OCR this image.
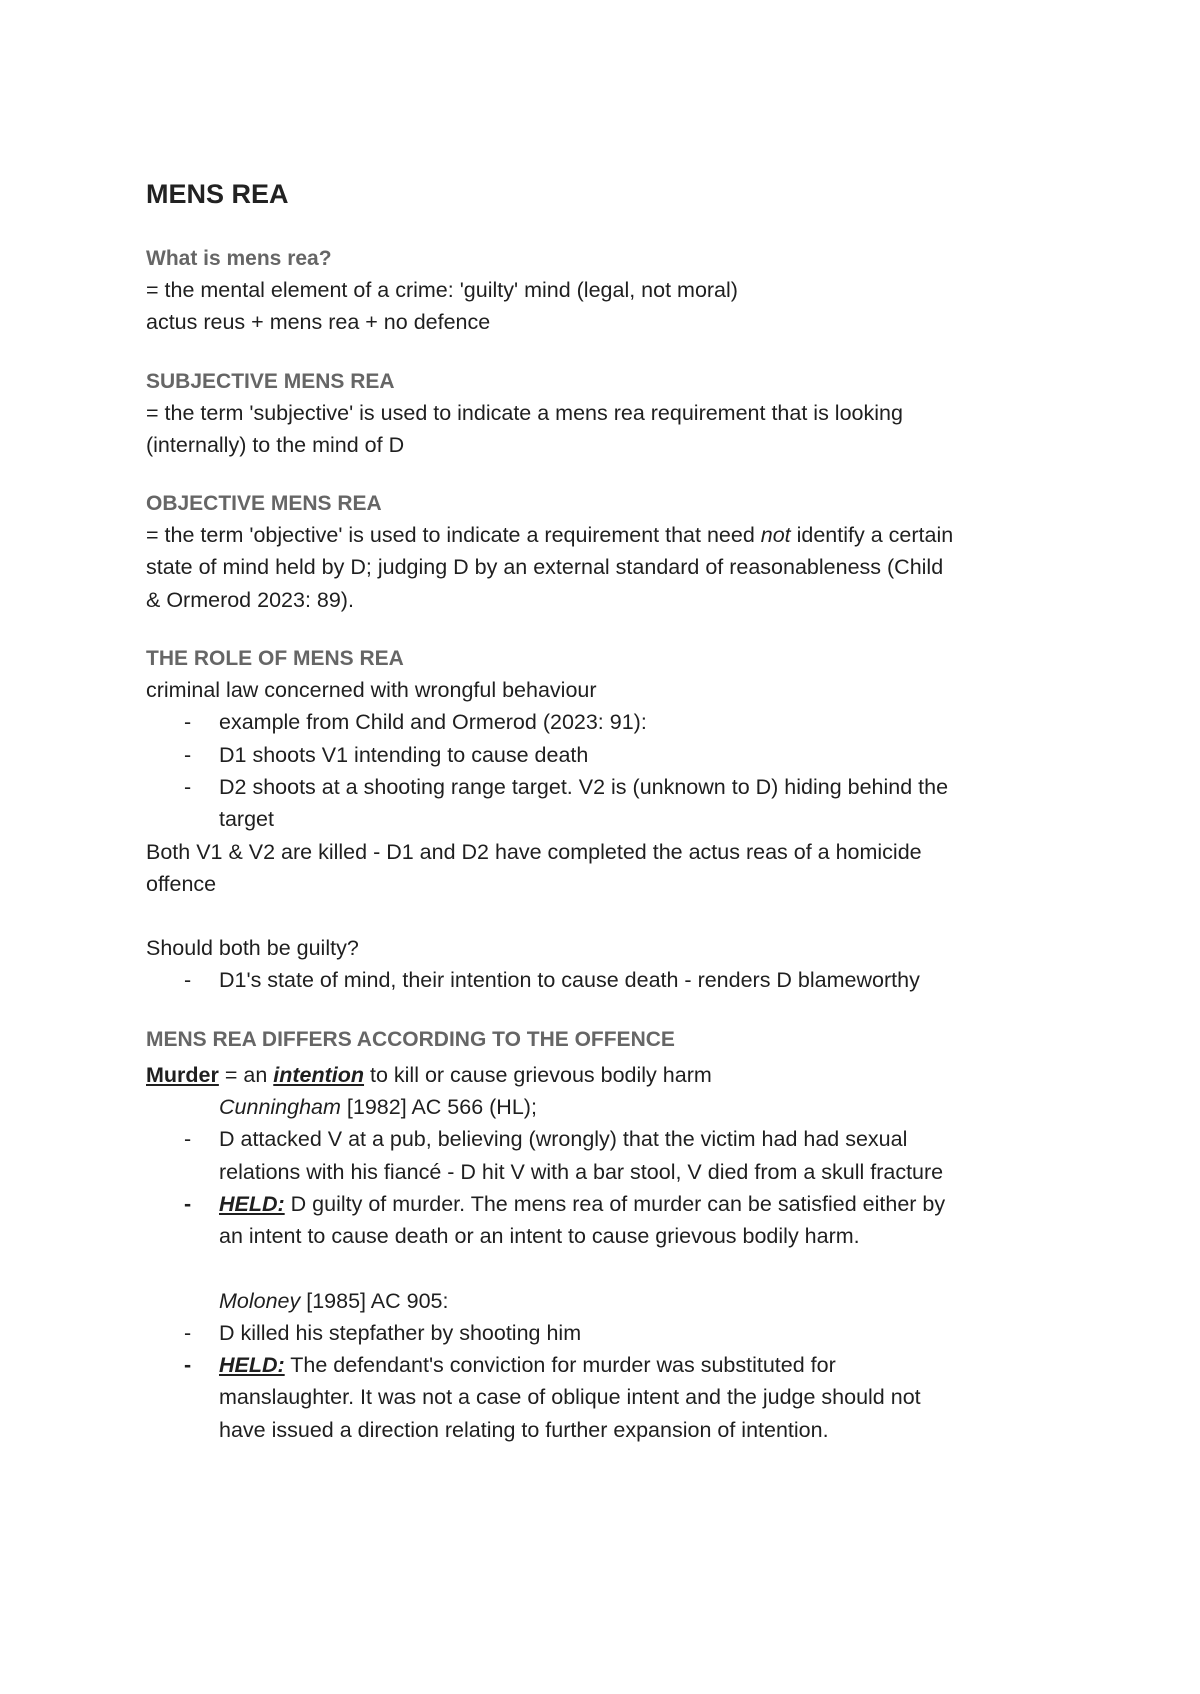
MENS REA
What is mens rea?
= the mental element of a crime: 'guilty' mind (legal, not moral)
actus reus + mens rea + no defence
SUBJECTIVE MENS REA
= the term 'subjective' is used to indicate a mens rea requirement that is looking
(internally) to the mind of D
OBJECTIVE MENS REA
= the term 'objective' is used to indicate a requirement that need not identify a certain
state of mind held by D; judging D by an external standard of reasonableness (Child
& Ormerod 2023: 89).
THE ROLE OF MENS REA
criminal law concerned with wrongful behaviour
- example from Child and Ormerod (2023: 91):
- D1 shoots V1 intending to cause death
- D2 shoots at a shooting range target. V2 is (unknown to D) hiding behind the
target
Both V1 & V2 are killed - D1 and D2 have completed the actus reas of a homicide
offence
Should both be guilty?
- D1's state of mind, their intention to cause death - renders D blameworthy
MENS REA DIFFERS ACCORDING TO THE OFFENCE
Murder = an intention to kill or cause grievous bodily harm
Cunningham [1982] AC 566 (HL);
- D attacked V at a pub, believing (wrongly) that the victim had had sexual
relations with his fiancé - D hit V with a bar stool, V died from a skull fracture
- HELD: D guilty of murder. The mens rea of murder can be satisfied either by
an intent to cause death or an intent to cause grievous bodily harm.
Moloney [1985] AC 905:
- D killed his stepfather by shooting him
- HELD: The defendant's conviction for murder was substituted for
manslaughter. It was not a case of oblique intent and the judge should not
have issued a direction relating to further expansion of intention.
